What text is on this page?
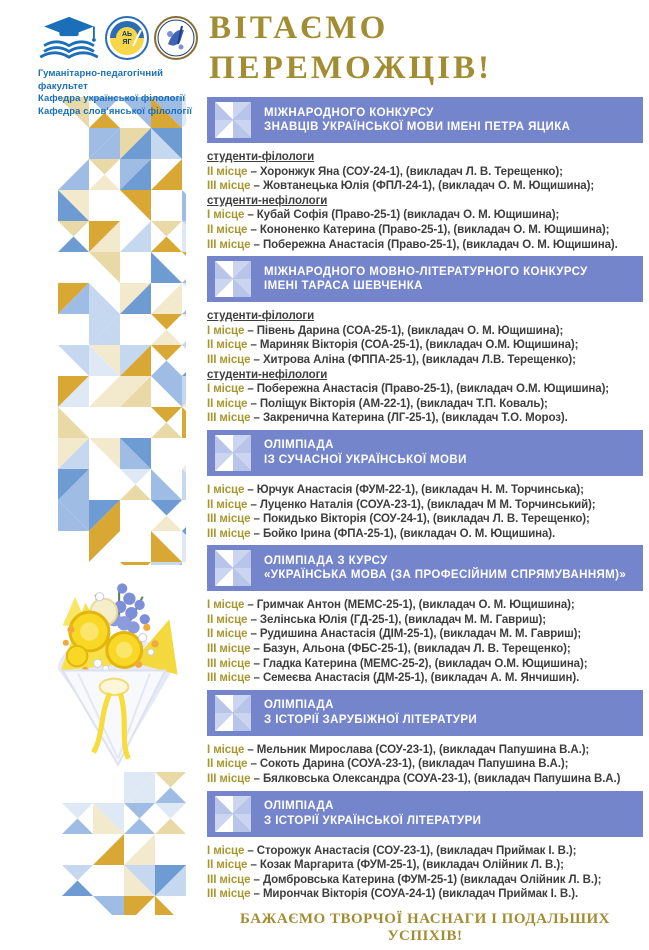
АЬ
ЯГ
Гуманітарно-педагогічний факультет
Кафедра української філології
Кафедра слов'янської філології
ВІТАЄМО
ПЕРЕМОЖЦІВ!
МІЖНАРОДНОГО КОНКУРСУ
ЗНАВЦІВ УКРАЇНСЬКОЇ МОВИ ІМЕНІ ПЕТРА ЯЦИКА
студенти-філологи
ІІ місце – Хоронжук Яна (СОУ-24-1), (викладач Л. В. Терещенко);
ІІІ місце – Жовтанецька Юлія (ФПЛ-24-1), (викладач О. М. Ющишина);
студенти-нефілологи
І місце – Кубай Софія (Право-25-1) (викладач О. М. Ющишина);
ІІ місце – Кононенко Катерина (Право-25-1), (викладач О. М. Ющишина);
ІІІ місце – Побережна Анастасія (Право-25-1), (викладач О. М. Ющишина).
МІЖНАРОДНОГО МОВНО-ЛІТЕРАТУРНОГО КОНКУРСУ
ІМЕНІ ТАРАСА ШЕВЧЕНКА
студенти-філологи
І місце – Півень Дарина (СОА-25-1), (викладач О. М. Ющишина);
ІІ місце – Мариняк Вікторія (СОА-25-1), (викладач О.М. Ющишина);
ІІІ місце – Хитрова Аліна (ФППА-25-1), (викладач Л.В. Терещенко);
студенти-нефілологи
І місце – Побережна Анастасія (Право-25-1), (викладач О.М. Ющишина);
ІІ місце – Поліщук Вікторія (АМ-22-1), (викладач Т.П. Коваль);
ІІІ місце – Закренична Катерина (ЛГ-25-1), (викладач Т.О. Мороз).
ОЛІМПІАДА
ІЗ СУЧАСНОЇ УКРАЇНСЬКОЇ МОВИ
І місце – Юрчук Анастасія (ФУМ-22-1), (викладач Н. М. Торчинська);
ІІ місце – Луценко Наталія (СОУА-23-1), (викладач М М. Торчинський);
ІІІ місце – Покидько Вікторія (СОУ-24-1), (викладач Л. В. Терещенко);
ІІІ місце – Бойко Ірина (ФПА-25-1), (викладач О. М. Ющишина).
ОЛІМПІАДА З КУРСУ
«УКРАЇНСЬКА МОВА (ЗА ПРОФЕСІЙНИМ СПРЯМУВАННЯМ)»
І місце – Гримчак Антон (МЕМС-25-1), (викладач О. М. Ющишина);
ІІ місце – Зелінська Юлія (ГД-25-1), (викладач М. М. Гавриш);
ІІ місце – Рудишина Анастасія (ДІМ-25-1), (викладач М. М. Гавриш);
ІІІ місце – Базун, Альона (ФБС-25-1), (викладач Л. В. Терещенко);
ІІІ місце – Гладка Катерина (МЕМС-25-2), (викладач О.М. Ющишина);
ІІІ місце – Семеєва Анастасія (ДМ-25-1), (викладач А. М. Янчишин).
ОЛІМПІАДА
З ІСТОРІЇ ЗАРУБІЖНОЇ ЛІТЕРАТУРИ
І місце – Мельник Мирослава (СОУ-23-1), (викладач Папушина В.А.);
ІІ місце – Сокоть Дарина (СОУА-23-1), (викладач Папушина В.А.);
ІІІ місце – Бялковська Олександра (СОУА-23-1), (викладач Папушина В.А.)
ОЛІМПІАДА
З ІСТОРІЇ УКРАЇНСЬКОЇ ЛІТЕРАТУРИ
І місце – Сторожук Анастасія (СОУ-23-1), (викладач Приймак І. В.);
ІІ місце – Козак Маргарита (ФУМ-25-1), (викладач Олійник Л. В.);
ІІІ місце – Домбровська Катерина (ФУМ-25-1) (викладач Олійник Л. В.);
ІІІ місце – Мирончак Вікторія (СОУА-24-1) (викладач Приймак І. В.).
БАЖАЄМО ТВОРЧОЇ НАСНАГИ І ПОДАЛЬШИХ УСПІХІВ!
